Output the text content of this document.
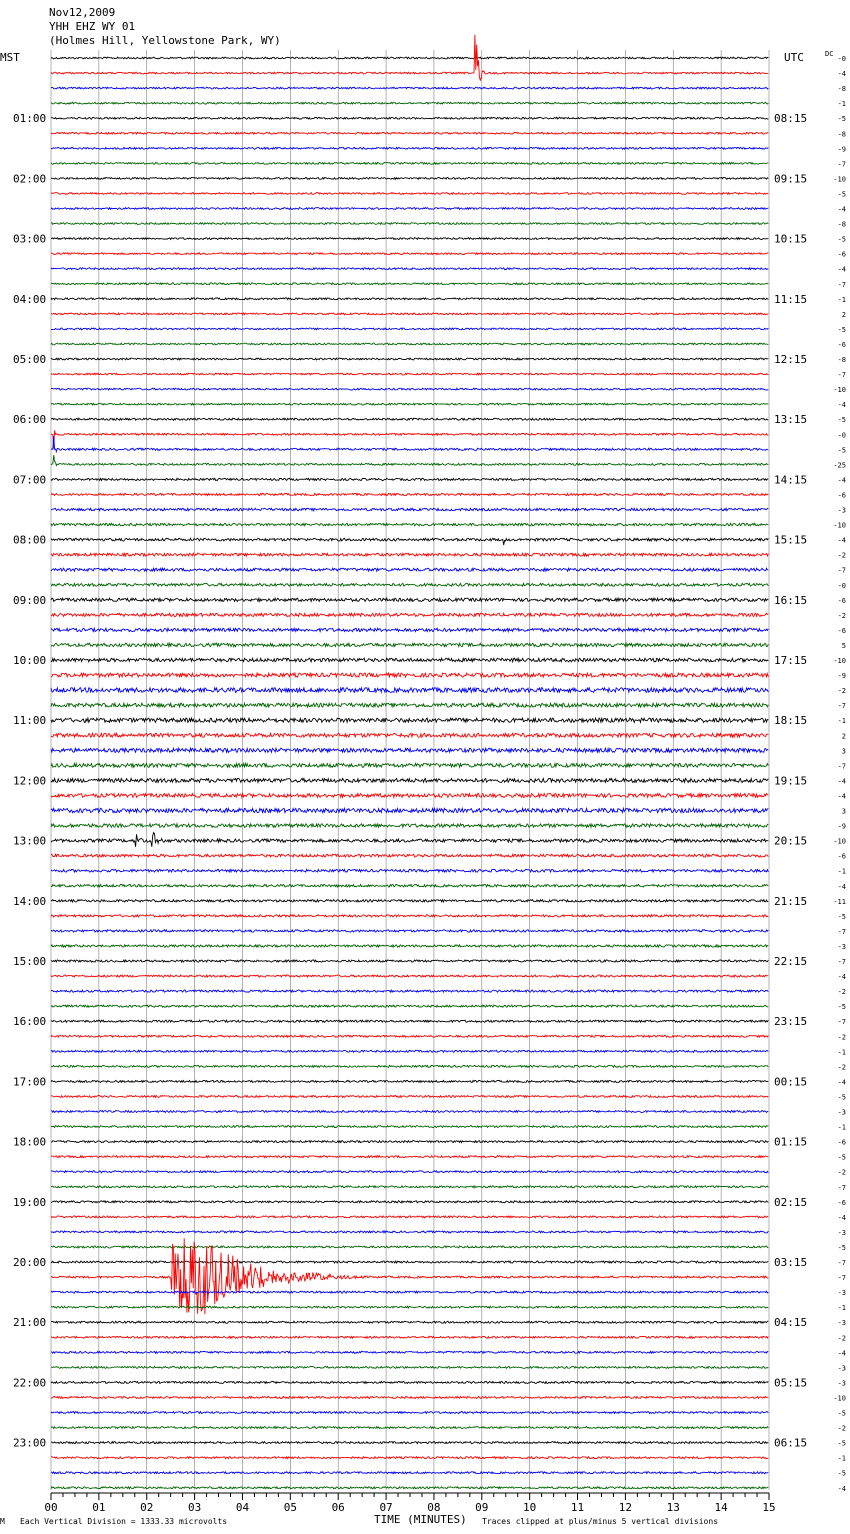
Nov12,2009
YHH EHZ WY 01
(Holmes Hill, Yellowstone Park, WY)
MST	UTC	DC
01:00
02:00
03:00
04:00
05:00
06:00
07:00
08:00
09:00
10:00
11:00
12:00
13:00
14:00
15:00
16:00
17:00
18:00
19:00
20:00
21:00
22:00
23:00
08:15
09:15
10:15
11:15
12:15
13:15
14:15
15:15
16:15
17:15
18:15
19:15
20:15
21:15
22:15
23:15
00:15
01:15
02:15
03:15
04:15
05:15
06:15
-0
-4
-8
-1
-5
-8
-9
-7
-10
-5
-4
-8
-5
-6
-4
-7
-1
2
-5
-6
-8
-7
-10
-4
-5
-0
-5
-25
-4
-6
-3
-10
-4
-2
-7
-0
-6
-2
-6
5
-10
-9
-2
-7
-1
2
3
-7
-4
-4
3
-9
-10
-6
-1
-4
-11
-5
-7
-3
-7
-4
-2
-5
-7
-2
-1
-2
-4
-5
-3
-1
-6
-5
-2
-7
-6
-4
-3
-5
-7
-7
-3
-1
-3
-2
-4
-3
-3
-10
-5
-2
-5
-1
-5
-4
00	01	02	03	04	05	06	07	08	09	10	11	12	13	14	15
M Each Vertical Division = 1333.33 microvolts	TIME (MINUTES) Traces clipped at plus/minus 5 vertical divisions
